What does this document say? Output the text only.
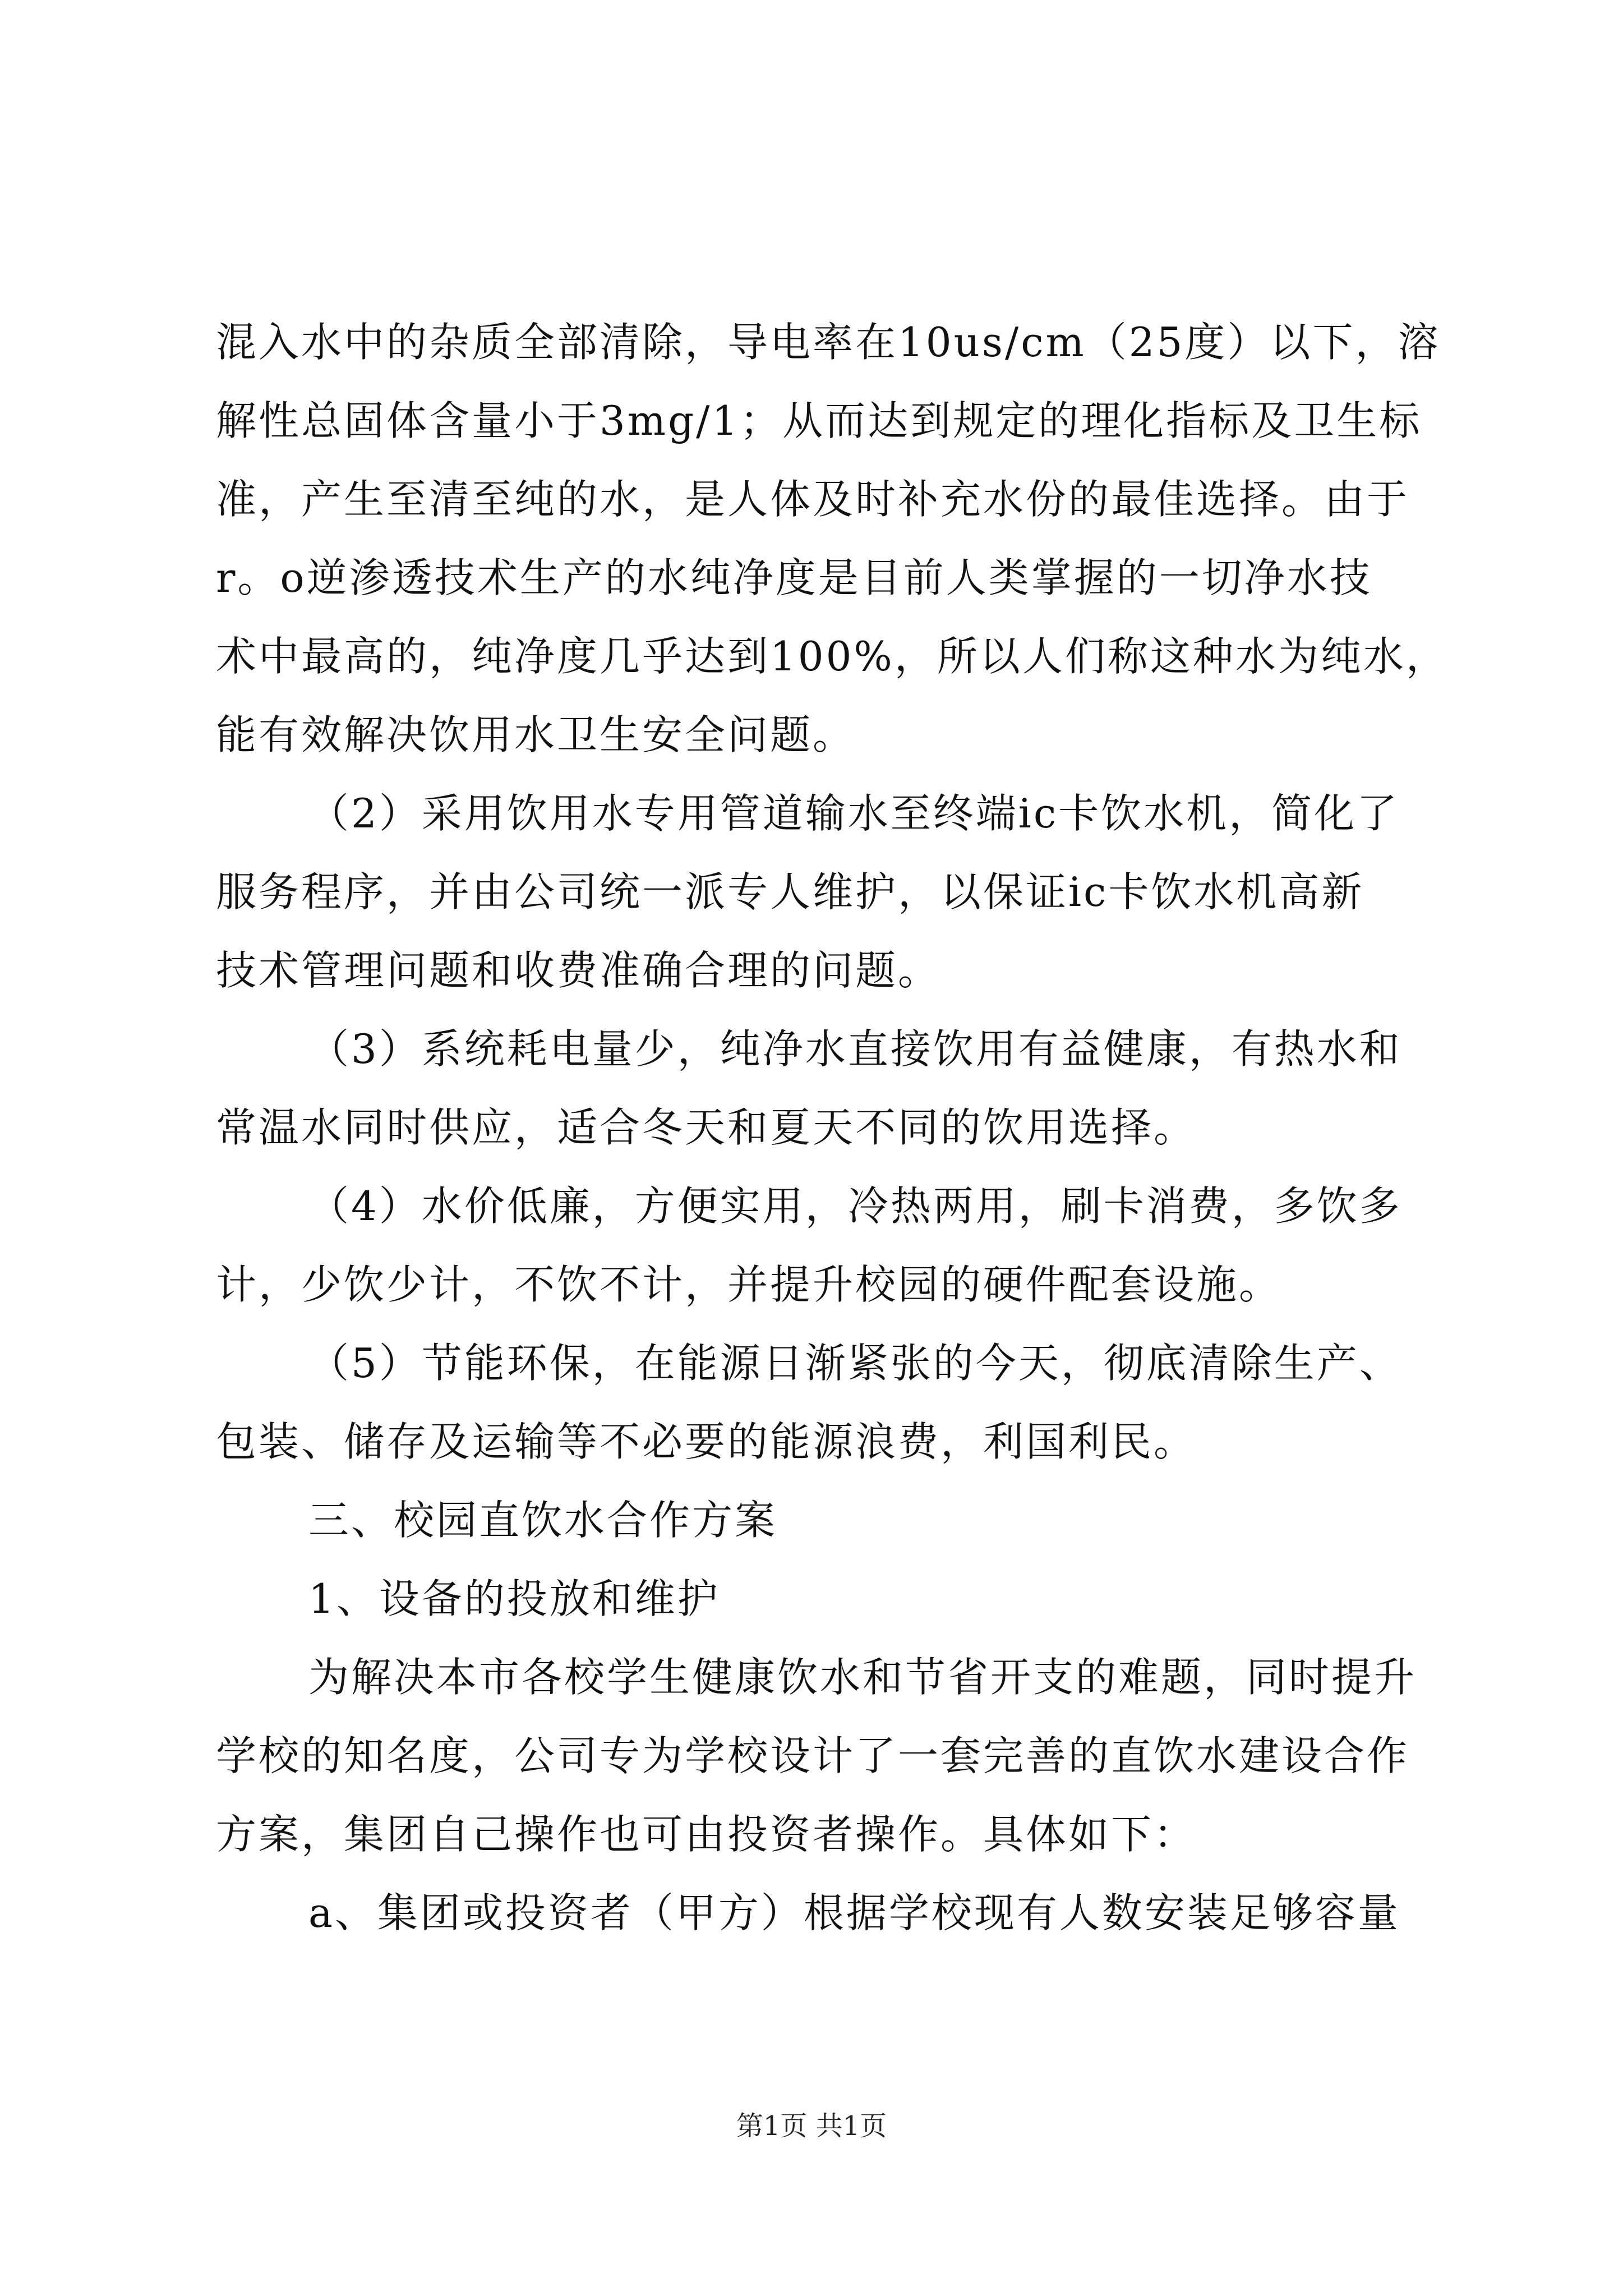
混入水中的杂质全部清除，导电率在10us/cm（25度）以下，溶
解性总固体含量小于3mg/1；从而达到规定的理化指标及卫生标
准，产生至清至纯的水，是人体及时补充水份的最佳选择。由于
r。o逆渗透技术生产的水纯净度是目前人类掌握的一切净水技
术中最高的，纯净度几乎达到100%，所以人们称这种水为纯水，
能有效解决饮用水卫生安全问题。
（2）采用饮用水专用管道输水至终端ic卡饮水机，简化了
服务程序，并由公司统一派专人维护，以保证ic卡饮水机高新
技术管理问题和收费准确合理的问题。
（3）系统耗电量少，纯净水直接饮用有益健康，有热水和
常温水同时供应，适合冬天和夏天不同的饮用选择。
（4）水价低廉，方便实用，冷热两用，刷卡消费，多饮多
计，少饮少计，不饮不计，并提升校园的硬件配套设施。
（5）节能环保，在能源日渐紧张的今天，彻底清除生产、
包装、储存及运输等不必要的能源浪费，利国利民。
三、校园直饮水合作方案
1、设备的投放和维护
为解决本市各校学生健康饮水和节省开支的难题，同时提升
学校的知名度，公司专为学校设计了一套完善的直饮水建设合作
方案，集团自己操作也可由投资者操作。具体如下：
a、集团或投资者（甲方）根据学校现有人数安装足够容量
第1页 共1页
